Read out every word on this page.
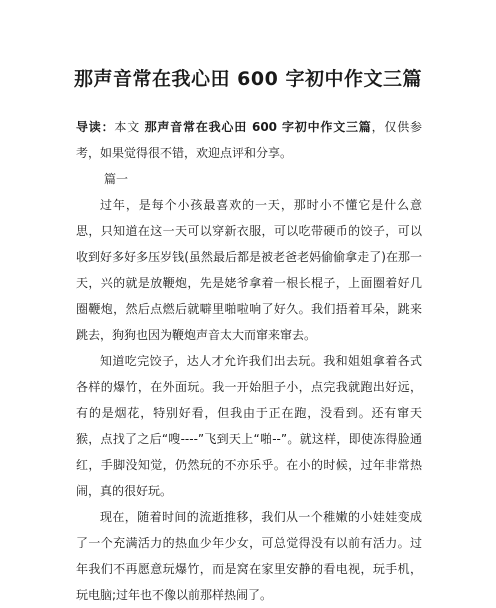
那声音常在我心田 600 字初中作文三篇

导读：本文 那声音常在我心田 600 字初中作文三篇，仅供参考，如果觉得很不错，欢迎点评和分享。

篇一

过年，是每个小孩最喜欢的一天，那时小不懂它是什么意思，只知道在这一天可以穿新衣服，可以吃带硬币的饺子，可以收到好多好多压岁钱(虽然最后都是被老爸老妈偷偷拿走了)在那一天，兴的就是放鞭炮，先是姥爷拿着一根长棍子，上面圈着好几圈鞭炮，然后点燃后就噼里啪啦响了好久。我们捂着耳朵，跳来跳去，狗狗也因为鞭炮声音太大而窜来窜去。

知道吃完饺子，达人才允许我们出去玩。我和姐姐拿着各式各样的爆竹，在外面玩。我一开始胆子小，点完我就跑出好远，有的是烟花，特别好看，但我由于正在跑，没看到。还有窜天猴，点找了之后“嗖----”飞到天上“啪--”。就这样，即使冻得脸通红，手脚没知觉，仍然玩的不亦乐乎。在小的时候，过年非常热闹，真的很好玩。

现在，随着时间的流逝推移，我们从一个稚嫩的小娃娃变成了一个充满活力的热血少年少女，可总觉得没有以前有活力。过年我们不再愿意玩爆竹，而是窝在家里安静的看电视，玩手机，玩电脑;过年也不像以前那样热闹了。
